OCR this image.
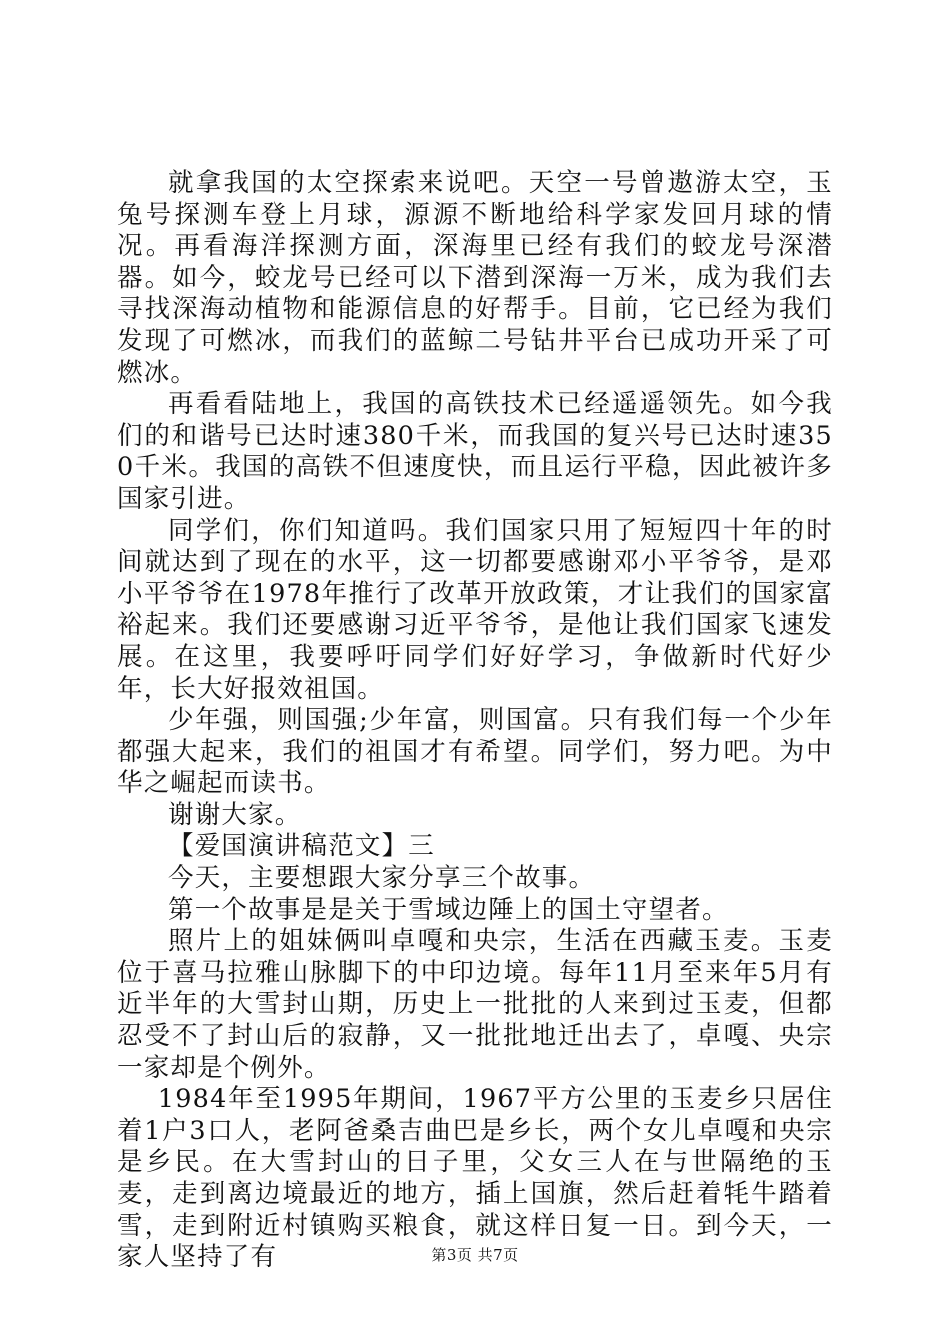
就拿我国的太空探索来说吧。天空一号曾遨游太空，玉兔号探测车登上月球，源源不断地给科学家发回月球的情况。再看海洋探测方面，深海里已经有我们的蛟龙号深潜器。如今，蛟龙号已经可以下潜到深海一万米，成为我们去寻找深海动植物和能源信息的好帮手。目前，它已经为我们发现了可燃冰，而我们的蓝鲸二号钻井平台已成功开采了可燃冰。

再看看陆地上，我国的高铁技术已经遥遥领先。如今我们的和谐号已达时速380千米，而我国的复兴号已达时速350千米。我国的高铁不但速度快，而且运行平稳，因此被许多国家引进。

同学们，你们知道吗。我们国家只用了短短四十年的时间就达到了现在的水平，这一切都要感谢邓小平爷爷，是邓小平爷爷在1978年推行了改革开放政策，才让我们的国家富裕起来。我们还要感谢习近平爷爷，是他让我们国家飞速发展。在这里，我要呼吁同学们好好学习，争做新时代好少年，长大好报效祖国。

少年强，则国强;少年富，则国富。只有我们每一个少年都强大起来，我们的祖国才有希望。同学们，努力吧。为中华之崛起而读书。

谢谢大家。

【爱国演讲稿范文】三

今天，主要想跟大家分享三个故事。

第一个故事是是关于雪域边陲上的国土守望者。

照片上的姐妹俩叫卓嘎和央宗，生活在西藏玉麦。玉麦位于喜马拉雅山脉脚下的中印边境。每年11月至来年5月有近半年的大雪封山期，历史上一批批的人来到过玉麦，但都忍受不了封山后的寂静，又一批批地迁出去了，卓嘎、央宗一家却是个例外。

1984年至1995年期间，1967平方公里的玉麦乡只居住着1户3口人，老阿爸桑吉曲巴是乡长，两个女儿卓嘎和央宗是乡民。在大雪封山的日子里，父女三人在与世隔绝的玉麦，走到离边境最近的地方，插上国旗，然后赶着牦牛踏着雪，走到附近村镇购买粮食，就这样日复一日。到今天，一家人坚持了有	第3页 共7页
